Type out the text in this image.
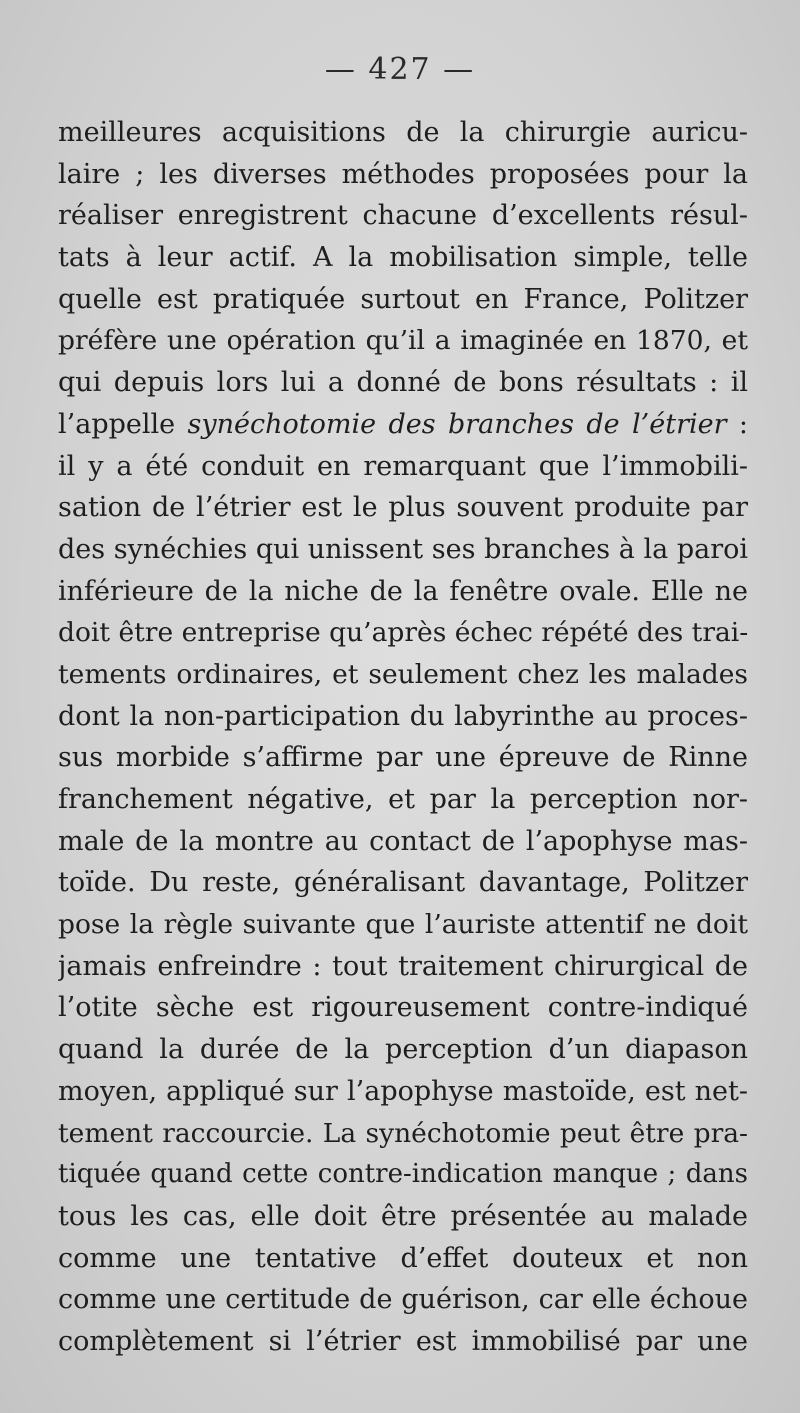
— 427 —
meilleures acquisitions de la chirurgie auricu-
laire ; les diverses méthodes proposées pour la
réaliser enregistrent chacune d’excellents résul-
tats à leur actif. A la mobilisation simple, telle
quelle est pratiquée surtout en France, Politzer
préfère une opération qu’il a imaginée en 1870, et
qui depuis lors lui a donné de bons résultats : il
l’appelle synéchotomie des branches de l’étrier :
il y a été conduit en remarquant que l’immobili-
sation de l’étrier est le plus souvent produite par
des synéchies qui unissent ses branches à la paroi
inférieure de la niche de la fenêtre ovale. Elle ne
doit être entreprise qu’après échec répété des trai-
tements ordinaires, et seulement chez les malades
dont la non-participation du labyrinthe au proces-
sus morbide s’affirme par une épreuve de Rinne
franchement négative, et par la perception nor-
male de la montre au contact de l’apophyse mas-
toïde. Du reste, généralisant davantage, Politzer
pose la règle suivante que l’auriste attentif ne doit
jamais enfreindre : tout traitement chirurgical de
l’otite sèche est rigoureusement contre-indiqué
quand la durée de la perception d’un diapason
moyen, appliqué sur l’apophyse mastoïde, est net-
tement raccourcie. La synéchotomie peut être pra-
tiquée quand cette contre-indication manque ; dans
tous les cas, elle doit être présentée au malade
comme une tentative d’effet douteux et non
comme une certitude de guérison, car elle échoue
complètement si l’étrier est immobilisé par une
